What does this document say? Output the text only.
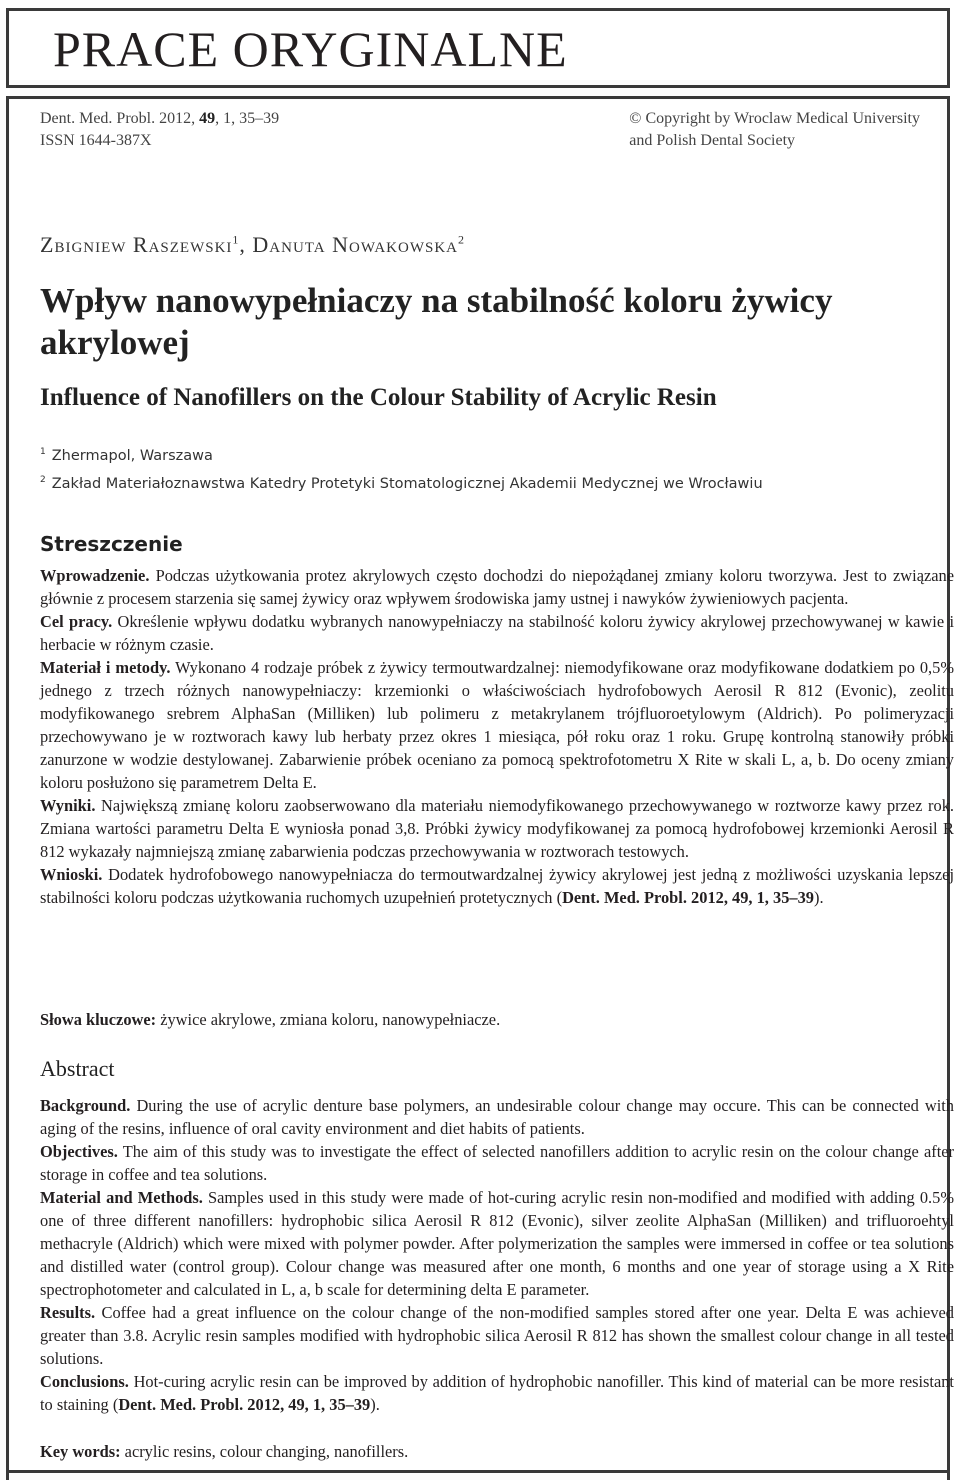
PRACE ORYGINALNE
Dent. Med. Probl. 2012, 49, 1, 35–39
ISSN 1644-387X
© Copyright by Wroclaw Medical University
and Polish Dental Society
Zbigniew Raszewski$^1$, Danuta Nowakowska$^2$
Wpływ nanowypełniaczy na stabilność koloru żywicy akrylowej
Influence of Nanofillers on the Colour Stability of Acrylic Resin
$^1$ Zhermapol, Warszawa
$^2$ Zakład Materiałoznawstwa Katedry Protetyki Stomatologicznej Akademii Medycznej we Wrocławiu
Streszczenie

Wprowadzenie. Podczas użytkowania protez akrylowych często dochodzi do niepożądanej zmiany koloru tworzywa. Jest to związane głównie z procesem starzenia się samej żywicy oraz wpływem środowiska jamy ustnej i nawyków żywieniowych pacjenta.

Cel pracy. Określenie wpływu dodatku wybranych nanowypełniaczy na stabilność koloru żywicy akrylowej przechowywanej w kawie i herbacie w różnym czasie.

Materiał i metody. Wykonano 4 rodzaje próbek z żywicy termoutwardzalnej: niemodyfikowane oraz modyfikowane dodatkiem po 0,5% jednego z trzech różnych nanowypełniaczy: krzemionki o właściwościach hydrofobowych Aerosil R 812 (Evonic), zeolitu modyfikowanego srebrem AlphaSan (Milliken) lub polimeru z metakrylanem trójfluoroetylowym (Aldrich). Po polimeryzacji przechowywano je w roztworach kawy lub herbaty przez okres 1 miesiąca, pół roku oraz 1 roku. Grupę kontrolną stanowiły próbki zanurzone w wodzie destylowanej. Zabarwienie próbek oceniano za pomocą spektrofotometru X Rite w skali L, a, b. Do oceny zmiany koloru posłużono się parametrem Delta E.

Wyniki. Największą zmianę koloru zaobserwowano dla materiału niemodyfikowanego przechowywanego w roztworze kawy przez rok. Zmiana wartości parametru Delta E wyniosła ponad 3,8. Próbki żywicy modyfikowanej za pomocą hydrofobowej krzemionki Aerosil R 812 wykazały najmniejszą zmianę zabarwienia podczas przechowywania w roztworach testowych.

Wnioski. Dodatek hydrofobowego nanowypełniacza do termoutwardzalnej żywicy akrylowej jest jedną z możliwości uzyskania lepszej stabilności koloru podczas użytkowania ruchomych uzupełnień protetycznych (Dent. Med. Probl. 2012, 49, 1, 35–39).

Słowa kluczowe: żywice akrylowe, zmiana koloru, nanowypełniacze.
Abstract

Background. During the use of acrylic denture base polymers, an undesirable colour change may occure. This can be connected with aging of the resins, influence of oral cavity environment and diet habits of patients.

Objectives. The aim of this study was to investigate the effect of selected nanofillers addition to acrylic resin on the colour change after storage in coffee and tea solutions.

Material and Methods. Samples used in this study were made of hot-curing acrylic resin non-modified and modified with adding 0.5% one of three different nanofillers: hydrophobic silica Aerosil R 812 (Evonic), silver zeolite AlphaSan (Milliken) and trifluoroehtyl methacryle (Aldrich) which were mixed with polymer powder. After polymerization the samples were immersed in coffee or tea solutions and distilled water (control group). Colour change was measured after one month, 6 months and one year of storage using a X Rite spectrophotometer and calculated in L, a, b scale for determining delta E parameter.

Results. Coffee had a great influence on the colour change of the non-modified samples stored after one year. Delta E was achieved greater than 3.8. Acrylic resin samples modified with hydrophobic silica Aerosil R 812 has shown the smallest colour change in all tested solutions.

Conclusions. Hot-curing acrylic resin can be improved by addition of hydrophobic nanofiller. This kind of material can be more resistant to staining (Dent. Med. Probl. 2012, 49, 1, 35–39).

Key words: acrylic resins, colour changing, nanofillers.
